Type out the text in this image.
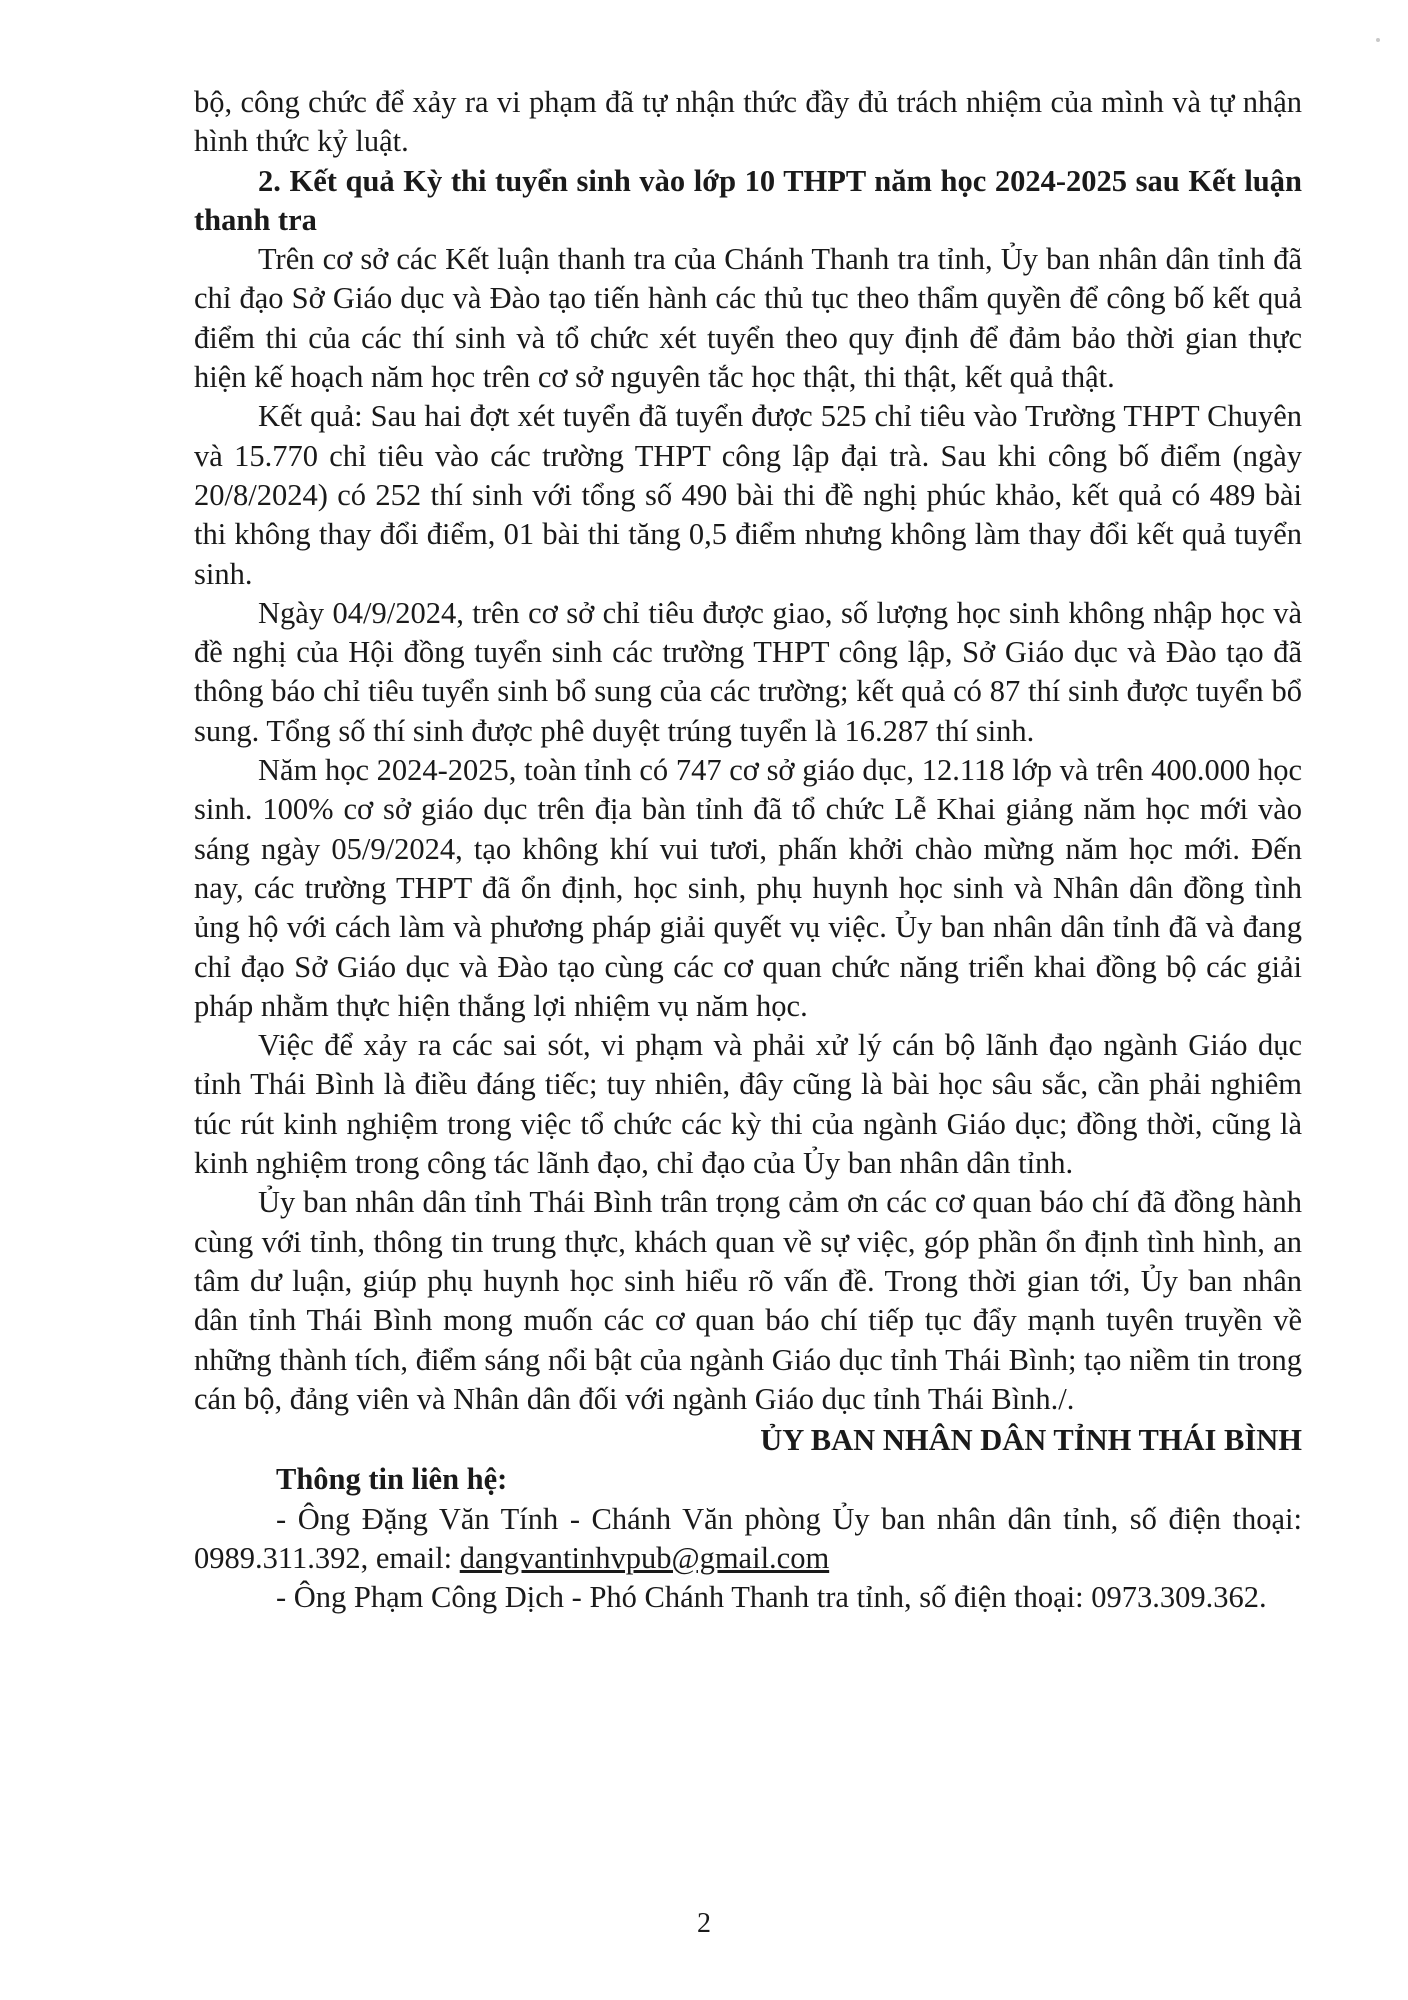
bộ, công chức để xảy ra vi phạm đã tự nhận thức đầy đủ trách nhiệm của mình và tự nhận hình thức kỷ luật.

2. Kết quả Kỳ thi tuyển sinh vào lớp 10 THPT năm học 2024-2025 sau Kết luận thanh tra

Trên cơ sở các Kết luận thanh tra của Chánh Thanh tra tỉnh, Ủy ban nhân dân tỉnh đã chỉ đạo Sở Giáo dục và Đào tạo tiến hành các thủ tục theo thẩm quyền để công bố kết quả điểm thi của các thí sinh và tổ chức xét tuyển theo quy định để đảm bảo thời gian thực hiện kế hoạch năm học trên cơ sở nguyên tắc học thật, thi thật, kết quả thật.

Kết quả: Sau hai đợt xét tuyển đã tuyển được 525 chỉ tiêu vào Trường THPT Chuyên và 15.770 chỉ tiêu vào các trường THPT công lập đại trà. Sau khi công bố điểm (ngày 20/8/2024) có 252 thí sinh với tổng số 490 bài thi đề nghị phúc khảo, kết quả có 489 bài thi không thay đổi điểm, 01 bài thi tăng 0,5 điểm nhưng không làm thay đổi kết quả tuyển sinh.

Ngày 04/9/2024, trên cơ sở chỉ tiêu được giao, số lượng học sinh không nhập học và đề nghị của Hội đồng tuyển sinh các trường THPT công lập, Sở Giáo dục và Đào tạo đã thông báo chỉ tiêu tuyển sinh bổ sung của các trường; kết quả có 87 thí sinh được tuyển bổ sung. Tổng số thí sinh được phê duyệt trúng tuyển là 16.287 thí sinh.

Năm học 2024-2025, toàn tỉnh có 747 cơ sở giáo dục, 12.118 lớp và trên 400.000 học sinh. 100% cơ sở giáo dục trên địa bàn tỉnh đã tổ chức Lễ Khai giảng năm học mới vào sáng ngày 05/9/2024, tạo không khí vui tươi, phấn khởi chào mừng năm học mới. Đến nay, các trường THPT đã ổn định, học sinh, phụ huynh học sinh và Nhân dân đồng tình ủng hộ với cách làm và phương pháp giải quyết vụ việc. Ủy ban nhân dân tỉnh đã và đang chỉ đạo Sở Giáo dục và Đào tạo cùng các cơ quan chức năng triển khai đồng bộ các giải pháp nhằm thực hiện thắng lợi nhiệm vụ năm học.

Việc để xảy ra các sai sót, vi phạm và phải xử lý cán bộ lãnh đạo ngành Giáo dục tỉnh Thái Bình là điều đáng tiếc; tuy nhiên, đây cũng là bài học sâu sắc, cần phải nghiêm túc rút kinh nghiệm trong việc tổ chức các kỳ thi của ngành Giáo dục; đồng thời, cũng là kinh nghiệm trong công tác lãnh đạo, chỉ đạo của Ủy ban nhân dân tỉnh.

Ủy ban nhân dân tỉnh Thái Bình trân trọng cảm ơn các cơ quan báo chí đã đồng hành cùng với tỉnh, thông tin trung thực, khách quan về sự việc, góp phần ổn định tình hình, an tâm dư luận, giúp phụ huynh học sinh hiểu rõ vấn đề. Trong thời gian tới, Ủy ban nhân dân tỉnh Thái Bình mong muốn các cơ quan báo chí tiếp tục đẩy mạnh tuyên truyền về những thành tích, điểm sáng nổi bật của ngành Giáo dục tỉnh Thái Bình; tạo niềm tin trong cán bộ, đảng viên và Nhân dân đối với ngành Giáo dục tỉnh Thái Bình./.

ỦY BAN NHÂN DÂN TỈNH THÁI BÌNH

Thông tin liên hệ:

- Ông Đặng Văn Tính - Chánh Văn phòng Ủy ban nhân dân tỉnh, số điện thoại: 0989.311.392, email: dangvantinhvpub@gmail.com

- Ông Phạm Công Dịch - Phó Chánh Thanh tra tỉnh, số điện thoại: 0973.309.362.

2
